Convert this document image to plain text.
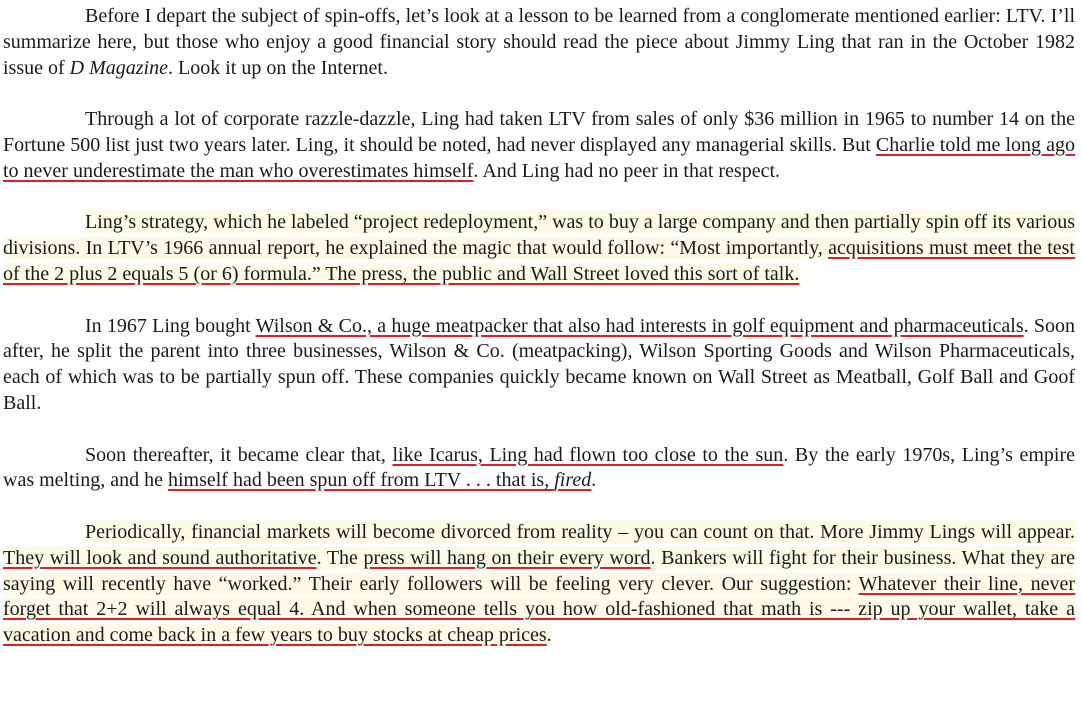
Before I depart the subject of spin-offs, let’s look at a lesson to be learned from a conglomerate mentioned earlier: LTV. I’ll summarize here, but those who enjoy a good financial story should read the piece about Jimmy Ling that ran in the October 1982 issue of D Magazine. Look it up on the Internet.

Through a lot of corporate razzle-dazzle, Ling had taken LTV from sales of only $36 million in 1965 to number 14 on the Fortune 500 list just two years later. Ling, it should be noted, had never displayed any managerial skills. But Charlie told me long ago to never underestimate the man who overestimates himself. And Ling had no peer in that respect.

Ling’s strategy, which he labeled “project redeployment,” was to buy a large company and then partially spin off its various divisions. In LTV’s 1966 annual report, he explained the magic that would follow: “Most importantly, acquisitions must meet the test of the 2 plus 2 equals 5 (or 6) formula.” The press, the public and Wall Street loved this sort of talk.

In 1967 Ling bought Wilson & Co., a huge meatpacker that also had interests in golf equipment and pharmaceuticals. Soon after, he split the parent into three businesses, Wilson & Co. (meatpacking), Wilson Sporting Goods and Wilson Pharmaceuticals, each of which was to be partially spun off. These companies quickly became known on Wall Street as Meatball, Golf Ball and Goof Ball.

Soon thereafter, it became clear that, like Icarus, Ling had flown too close to the sun. By the early 1970s, Ling’s empire was melting, and he himself had been spun off from LTV . . . that is, fired.

Periodically, financial markets will become divorced from reality – you can count on that. More Jimmy Lings will appear. They will look and sound authoritative. The press will hang on their every word. Bankers will fight for their business. What they are saying will recently have “worked.” Their early followers will be feeling very clever. Our suggestion: Whatever their line, never forget that 2+2 will always equal 4. And when someone tells you how old-fashioned that math is --- zip up your wallet, take a vacation and come back in a few years to buy stocks at cheap prices.
